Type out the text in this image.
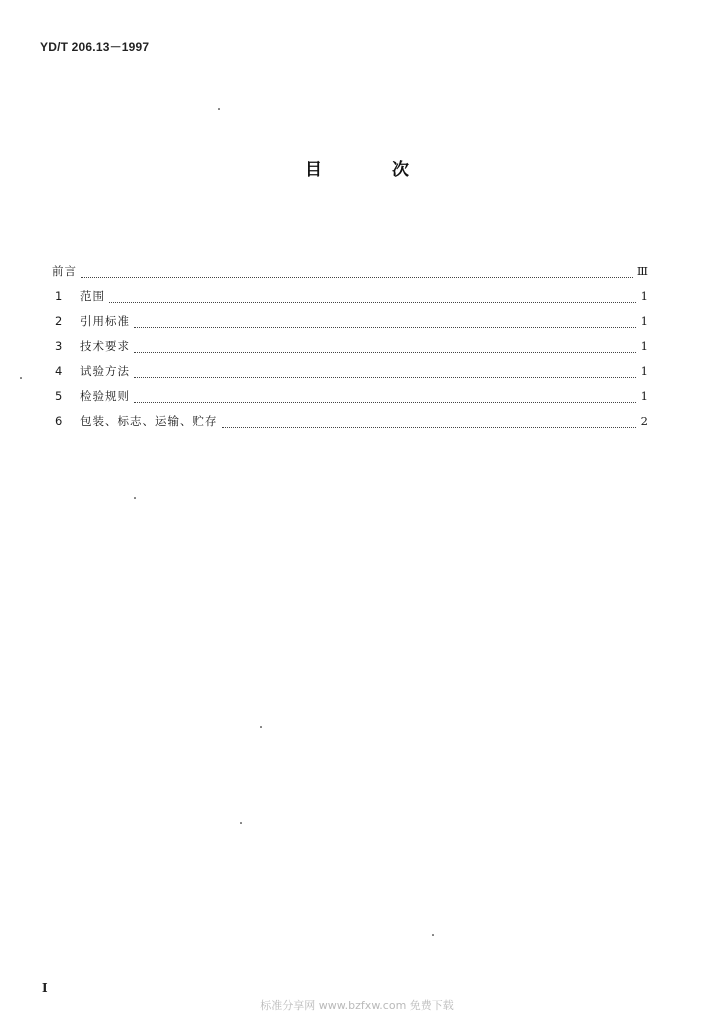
YD/T 206.13－1997
目	次
前言	Ⅲ
1	范围	1
2	引用标准	1
3	技术要求	1
4	试验方法	1
5	检验规则	1
6	包装、标志、运输、贮存	2
I
标准分享网 www.bzfxw.com 免费下载
